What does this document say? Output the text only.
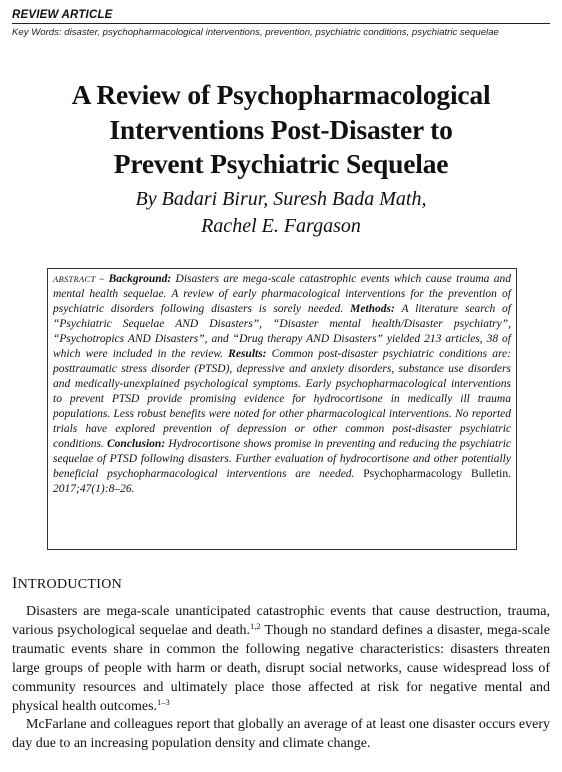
REVIEW ARTICLE
Key Words: disaster, psychopharmacological interventions, prevention, psychiatric conditions, psychiatric sequelae
A Review of Psychopharmacological
Interventions Post-Disaster to
Prevent Psychiatric Sequelae
By Badari Birur, Suresh Bada Math,
Rachel E. Fargason

ABSTRACT ~ Background: Disasters are mega-scale catastrophic events which cause trauma and mental health sequelae. A review of early pharmacological interventions for the prevention of psychiatric disorders following disasters is sorely needed. Methods: A literature search of “Psychiatric Sequelae AND Disasters”, “Disaster mental health/Disaster psychiatry”, “Psychotropics AND Disasters”, and “Drug therapy AND Disasters” yielded 213 articles, 38 of which were included in the review. Results: Common post-disaster psychiatric conditions are: posttraumatic stress disorder (PTSD), depressive and anxiety disorders, substance use disorders and medically-unexplained psychological symptoms. Early psychopharmacological interventions to prevent PTSD provide promising evidence for hydrocortisone in medically ill trauma populations. Less robust benefits were noted for other pharmacological interventions. No reported trials have explored prevention of depression or other common post-disaster psychiatric conditions. Conclusion: Hydrocortisone shows promise in preventing and reducing the psychiatric sequelae of PTSD following disasters. Further evaluation of hydrocortisone and other potentially beneficial psychopharmacological interventions are needed. Psychopharmacology Bulletin. 2017;47(1):8–26.

INTRODUCTION

Disasters are mega-scale unanticipated catastrophic events that cause destruction, trauma, various psychological sequelae and death.$^{1,2}$ Though no standard defines a disaster, mega-scale traumatic events share in common the following negative characteristics: disasters threaten large groups of people with harm or death, disrupt social networks, cause widespread loss of community resources and ultimately place those affected at risk for negative mental and physical health outcomes.$^{1-3}$

McFarlane and colleagues report that globally an average of at least one disaster occurs every day due to an increasing population density and climate change.
